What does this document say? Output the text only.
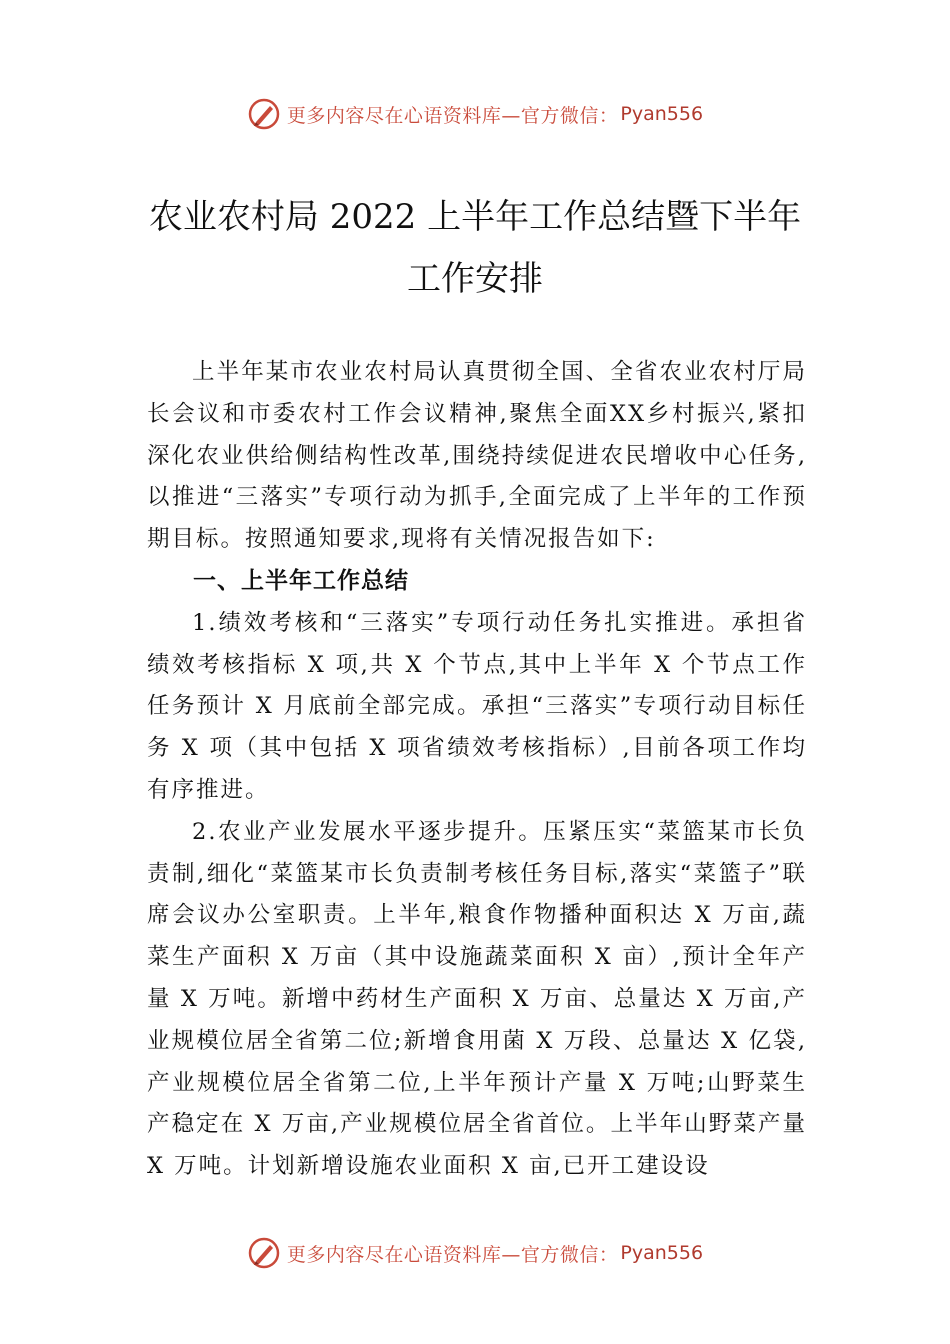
更多内容尽在心语资料库—官方微信： Pyan556
农业农村局 2022 上半年工作总结暨下半年
工作安排

上半年某市农业农村局认真贯彻全国、全省农业农村厅局长会议和市委农村工作会议精神,聚焦全面XX乡村振兴,紧扣深化农业供给侧结构性改革,围绕持续促进农民增收中心任务,以推进“三落实”专项行动为抓手,全面完成了上半年的工作预期目标。按照通知要求,现将有关情况报告如下:

一、上半年工作总结

1.绩效考核和“三落实”专项行动任务扎实推进。承担省绩效考核指标 X 项,共 X 个节点,其中上半年 X 个节点工作任务预计 X 月底前全部完成。承担“三落实”专项行动目标任务 X 项（其中包括 X 项省绩效考核指标）,目前各项工作均有序推进。

2.农业产业发展水平逐步提升。压紧压实“菜篮某市长负责制,细化“菜篮某市长负责制考核任务目标,落实“菜篮子”联席会议办公室职责。上半年,粮食作物播种面积达 X 万亩,蔬菜生产面积 X 万亩（其中设施蔬菜面积 X 亩）,预计全年产量 X 万吨。新增中药材生产面积 X 万亩、总量达 X 万亩,产业规模位居全省第二位;新增食用菌 X 万段、总量达 X 亿袋,产业规模位居全省第二位,上半年预计产量 X 万吨;山野菜生产稳定在 X 万亩,产业规模位居全省首位。上半年山野菜产量 X 万吨。计划新增设施农业面积 X 亩,已开工建设设

更多内容尽在心语资料库—官方微信： Pyan556
